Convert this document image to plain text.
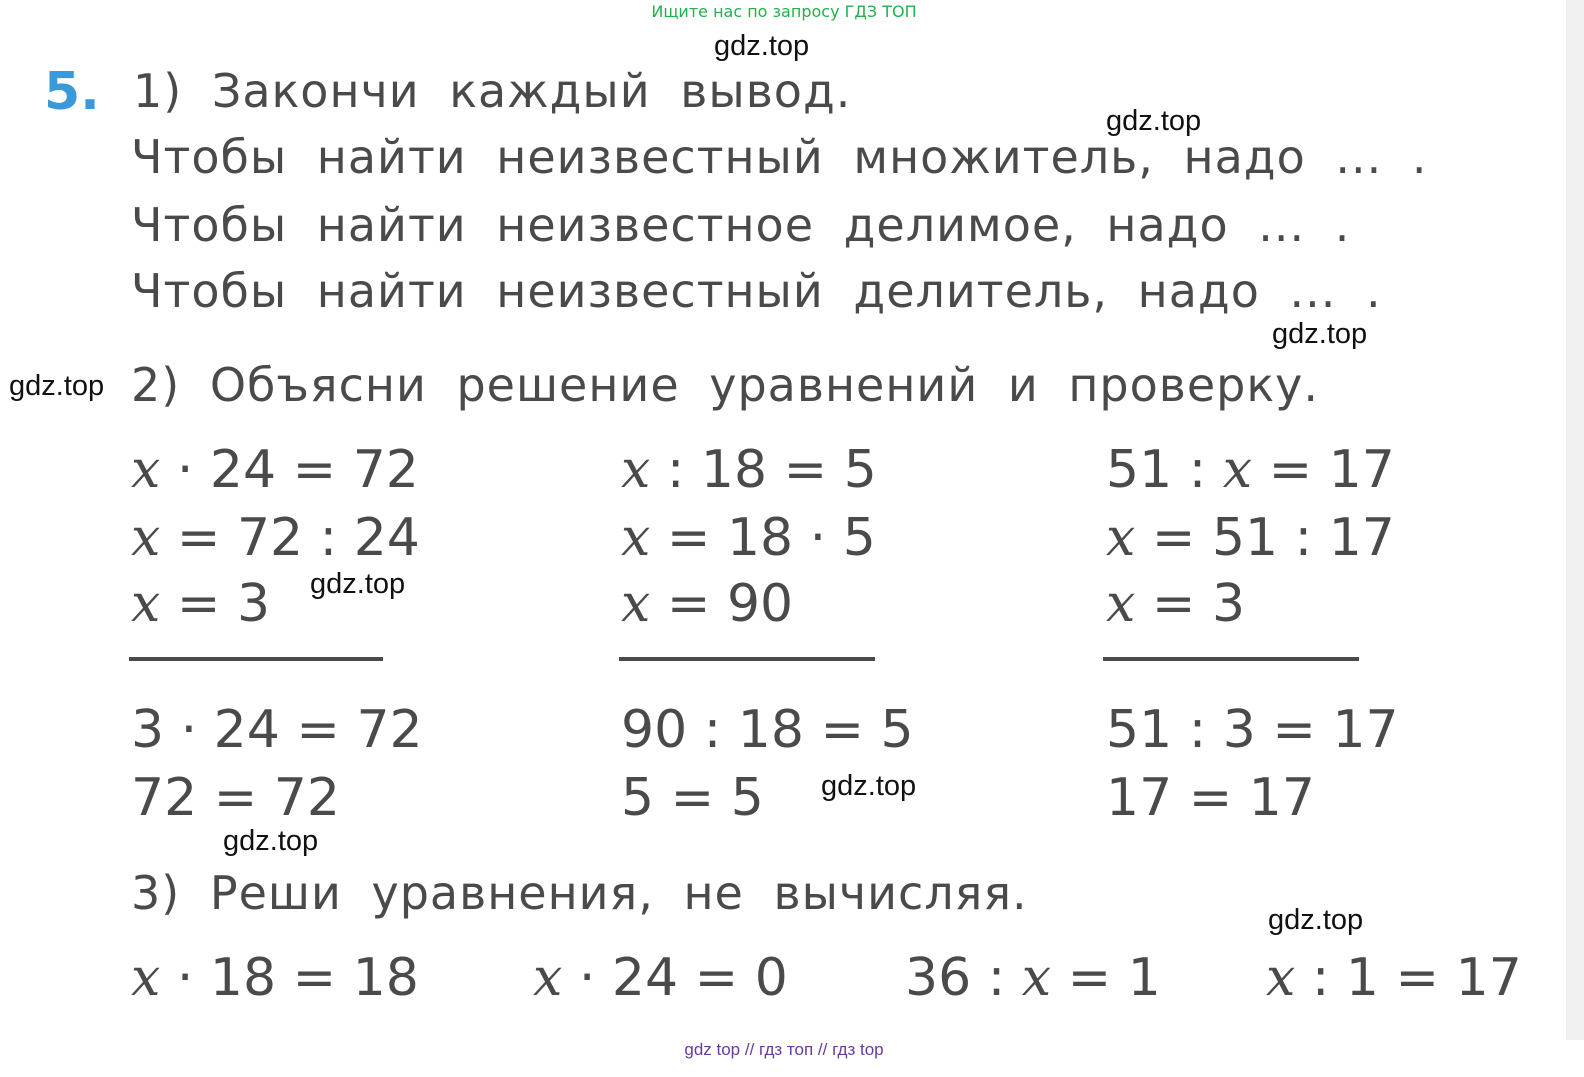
Ищите нас по запросу ГДЗ ТОП
gdz.top
gdz.top
gdz.top
gdz.top
gdz.top
gdz.top
gdz.top
gdz.top
5. 1) Закончи каждый вывод.
Чтобы найти неизвестный множитель, надо ... .
Чтобы найти неизвестное делимое, надо ... .
Чтобы найти неизвестный делитель, надо ... .
2) Объясни решение уравнений и проверку.
x · 24 = 72
x = 72 : 24
x = 3
3 · 24 = 72
72 = 72
x : 18 = 5
x = 18 · 5
x = 90
90 : 18 = 5
5 = 5
51 : x = 17
x = 51 : 17
x = 3
51 : 3 = 17
17 = 17
3) Реши уравнения, не вычисляя.
x · 18 = 18 x · 24 = 0 36 : x = 1 x : 1 = 17
gdz top // гдз топ // гдз top
